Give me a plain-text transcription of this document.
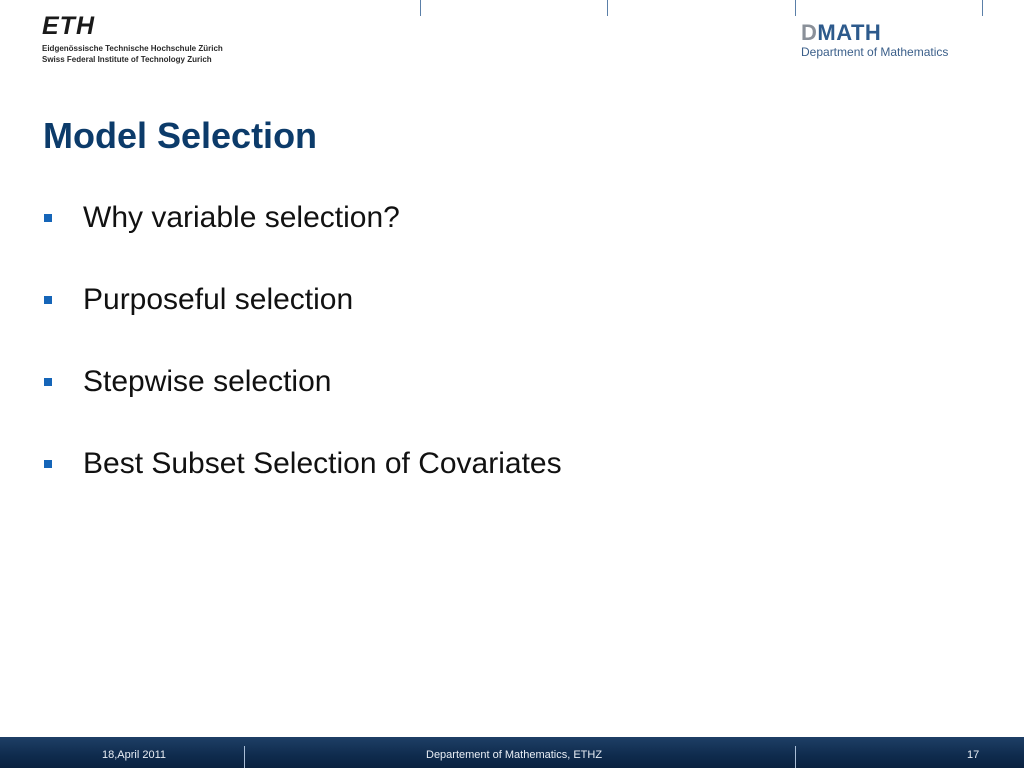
ETH
Eidgenössische Technische Hochschule Zürich
Swiss Federal Institute of Technology Zurich
DMATH
Department of Mathematics
Model Selection
Why variable selection?
Purposeful selection
Stepwise selection
Best Subset Selection of Covariates
18,April 2011	Departement of Mathematics, ETHZ	17
